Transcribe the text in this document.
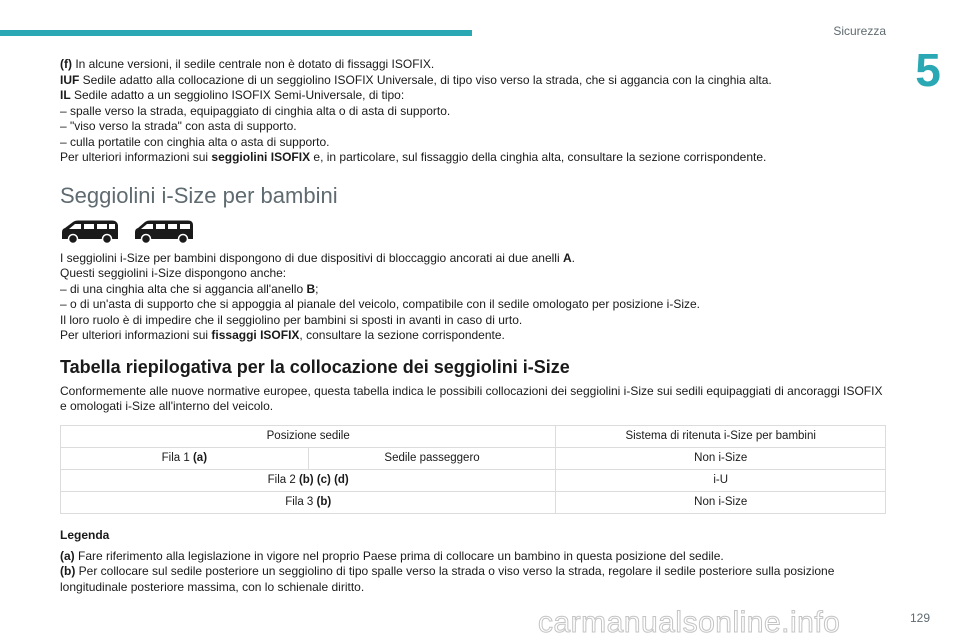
Sicurezza
5
(f) In alcune versioni, il sedile centrale non è dotato di fissaggi ISOFIX.
IUF Sedile adatto alla collocazione di un seggiolino ISOFIX Universale, di tipo viso verso la strada, che si aggancia con la cinghia alta.
IL Sedile adatto a un seggiolino ISOFIX Semi-Universale, di tipo:
– spalle verso la strada, equipaggiato di cinghia alta o di asta di supporto.
– "viso verso la strada" con asta di supporto.
– culla portatile con cinghia alta o asta di supporto.
Per ulteriori informazioni sui seggiolini ISOFIX e, in particolare, sul fissaggio della cinghia alta, consultare la sezione corrispondente.
Seggiolini i-Size per bambini
I seggiolini i-Size per bambini dispongono di due dispositivi di bloccaggio ancorati ai due anelli A.
Questi seggiolini i-Size dispongono anche:
– di una cinghia alta che si aggancia all'anello B;
– o di un'asta di supporto che si appoggia al pianale del veicolo, compatibile con il sedile omologato per posizione i-Size.
Il loro ruolo è di impedire che il seggiolino per bambini si sposti in avanti in caso di urto.
Per ulteriori informazioni sui fissaggi ISOFIX, consultare la sezione corrispondente.
Tabella riepilogativa per la collocazione dei seggiolini i-Size
Conformemente alle nuove normative europee, questa tabella indica le possibili collocazioni dei seggiolini i-Size sui sedili equipaggiati di ancoraggi ISOFIX e omologati i-Size all'interno del veicolo.
Posizione sedile		Sistema di ritenuta i-Size per bambini
Fila 1 (a)	Sedile passeggero	Non i-Size
Fila 2 (b) (c) (d)		i-U
Fila 3 (b)		Non i-Size
Legenda
(a) Fare riferimento alla legislazione in vigore nel proprio Paese prima di collocare un bambino in questa posizione del sedile.
(b) Per collocare sul sedile posteriore un seggiolino di tipo spalle verso la strada o viso verso la strada, regolare il sedile posteriore sulla posizione longitudinale posteriore massima, con lo schienale diritto.
carmanualsonline.info	129
